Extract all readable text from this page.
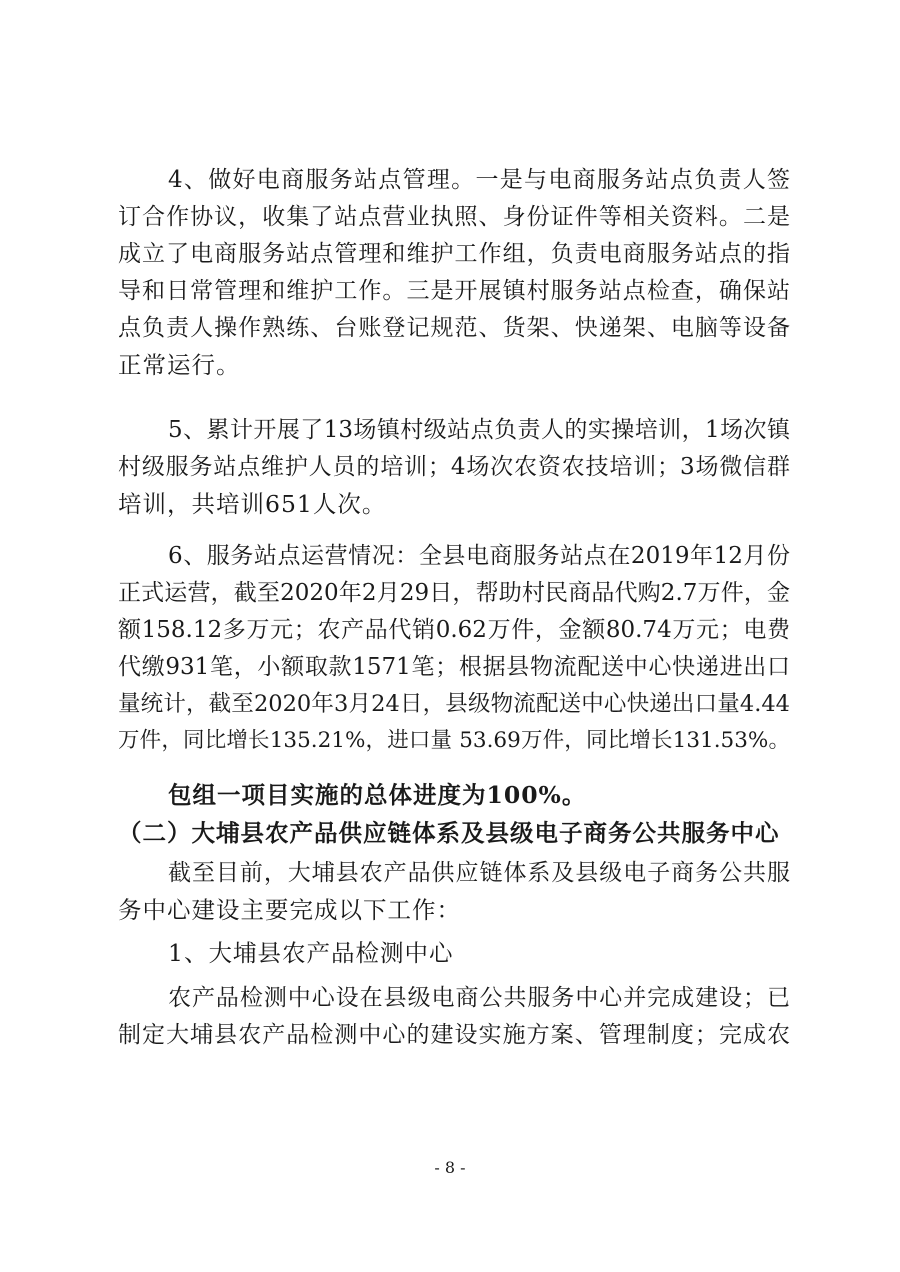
4、做好电商服务站点管理。一是与电商服务站点负责人签
订合作协议，收集了站点营业执照、身份证件等相关资料。二是
成立了电商服务站点管理和维护工作组，负责电商服务站点的指
导和日常管理和维护工作。三是开展镇村服务站点检查，确保站
点负责人操作熟练、台账登记规范、货架、快递架、电脑等设备
正常运行。
5、累计开展了13场镇村级站点负责人的实操培训，1场次镇
村级服务站点维护人员的培训；4场次农资农技培训；3场微信群
培训，共培训651人次。
6、服务站点运营情况：全县电商服务站点在2019年12月份
正式运营，截至2020年2月29日，帮助村民商品代购2.7万件，金
额158.12多万元；农产品代销0.62万件，金额80.74万元；电费
代缴931笔，小额取款1571笔；根据县物流配送中心快递进出口
量统计，截至2020年3月24日，县级物流配送中心快递出口量4.44
万件，同比增长135.21%，进口量 53.69万件，同比增长131.53%。
包组一项目实施的总体进度为100%。
（二）大埔县农产品供应链体系及县级电子商务公共服务中心
截至目前，大埔县农产品供应链体系及县级电子商务公共服
务中心建设主要完成以下工作：
1、大埔县农产品检测中心
农产品检测中心设在县级电商公共服务中心并完成建设；已
制定大埔县农产品检测中心的建设实施方案、管理制度；完成农
- 8 -
